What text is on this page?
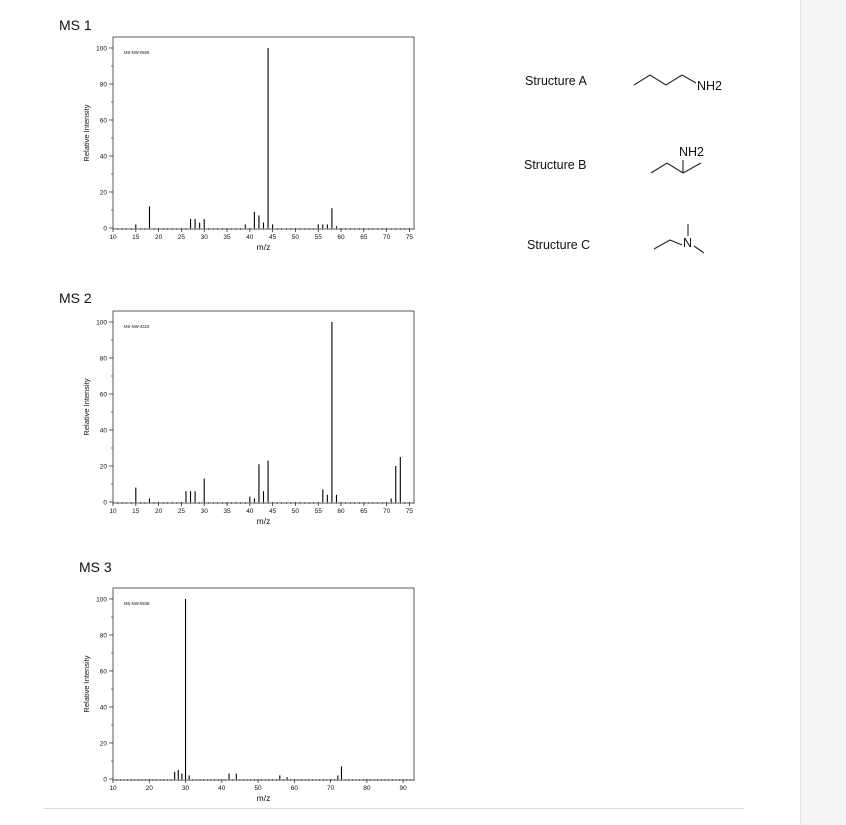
MS 1
MS 2
MS 3
0
20
40
60
80
100
10 15 20 25 30 35 40 45 50 55 60 65 70 75
m/z
Relative Intensity
MS-NW-0926
0
20
40
60
80
100
10 15 20 25 30 35 40 45 50 55 60 65 70 75
m/z
Relative Intensity
MS-NW-4319
0
20
40
60
80
100
10	20	30	40	50	60	70	80	90
m/z
Relative Intensity
MS-NW-0938
Structure A
Structure B
Structure C
NH2
NH2
N
